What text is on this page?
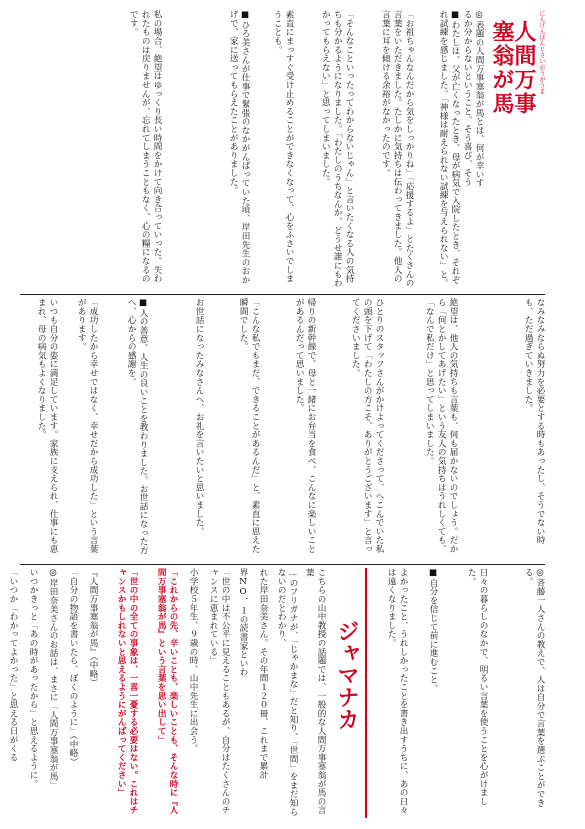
にんげんばんじさいおうがうま
人間万事
塞翁が馬
◎表題の人間万事塞翁が馬とは、何が幸いするか分からないということ。そう喜び、そう
■わたしは、父が亡くなったとき、母が病気で入院したとき、それぞれ試練を感じました。「神様は耐えられない試練を与えられない」と。
「お祖ちゃんなんだから気をしっかりね」「応援するよ」とたくさんの言葉をいただきました。たしかに気持ちは伝わってきました。他人の言葉に耳を傾ける余裕がなかったのです。
「そんなこといったってわからないじゃん」と言いたくなる人の気持ちも分かるようになりました。「わたしのうちなんか、どうせ誰にもわかってもらえない」と思ってしまいました。
素直にまっすぐ受け止めることができなくなって、心をふさいでしまうことも。
■ひろ美さんが仕事で緊張のなかがんばっていた頃、岸田先生のおかげで、家に送ってもらえたことがありました。
私の場合、絶望はゆっくり長い時間をかけて向き合っていった。失われたものは戻りませんが、忘れてしまうこともなく、心の糧になるのです。
なみなみならぬ努力を必要とする時もあったし、そうでない時も、ただ過ぎていきました。
絶望は、他人の気持ちも言葉も、何も届かないのでしょう。だから「何とかしてあげたい」という友人の気持ちはうれしくても、「なんで私だけ」と思ってしまいました。
ひとりのスタッフさんがかけよってくださって、へこんでいた私の頭を下げて「わたしの方こそ、ありがとうございます」と言ってくださいました。
帰りの新幹線で、母と一緒にお弁当を食べ、こんなに楽しいことがあるんだって思いました。
「こんな私でもまだ、できることがあるんだ」と、素直に思えた瞬間でした。
お世話になったみなさんへ、お礼を言いたいと思いました。
■人の善意、人生の良いことを教わりました。お世話になった方へ、心からの感謝を。
「成功したから幸せではなく、幸せだから成功した」という言葉があります。
いつも自分の姿に満足しています。家族に支えられ、仕事にも恵まれ、母の病気もよくなりました。
◎斉藤一人さんの教えで、人は自分で言葉を選ぶことができる。
日々の暮らしのなかで、明るい言葉を使うことを心がけました。
■自分を信じて前に進むこと。
よかったこと、うれしかったことを書き出すうちに、あの日々は遠くなりました。
ジャマナカ
こちらの山中教授の話題では、一般的な人間万事塞翁が馬の言葉
…のフリガナが、「じゃかまな」だと知り、「世間」をまだ知らないのだとわかり、
れた岸田奈美さん。その年間１２０冊、これまで累計
界NO．１の読書家といわ
「世の中は不公平に見えることもあるが、自分はたくさんのチャンスに恵まれている」
小学校５年生、９歳の時、山中先生に出会う。
「これからの先、辛いことも、楽しいことも、そんな時に『人間万事塞翁が馬』という言葉を思い出して」
「世の中の全ての事象は、一喜一憂する必要はない。これはチャンスかもしれないと思えるようにがんばってください」
『人間万事塞翁が馬』（中略）
「自分の物語を書いたら、ぼくのように」（中略）
◎岸田奈美さんのお話は、まさに「人間万事塞翁が馬」
いつかきっと「あの時があったから」と思えるように。
「いつか「わかってよかった」と思える日がくる
